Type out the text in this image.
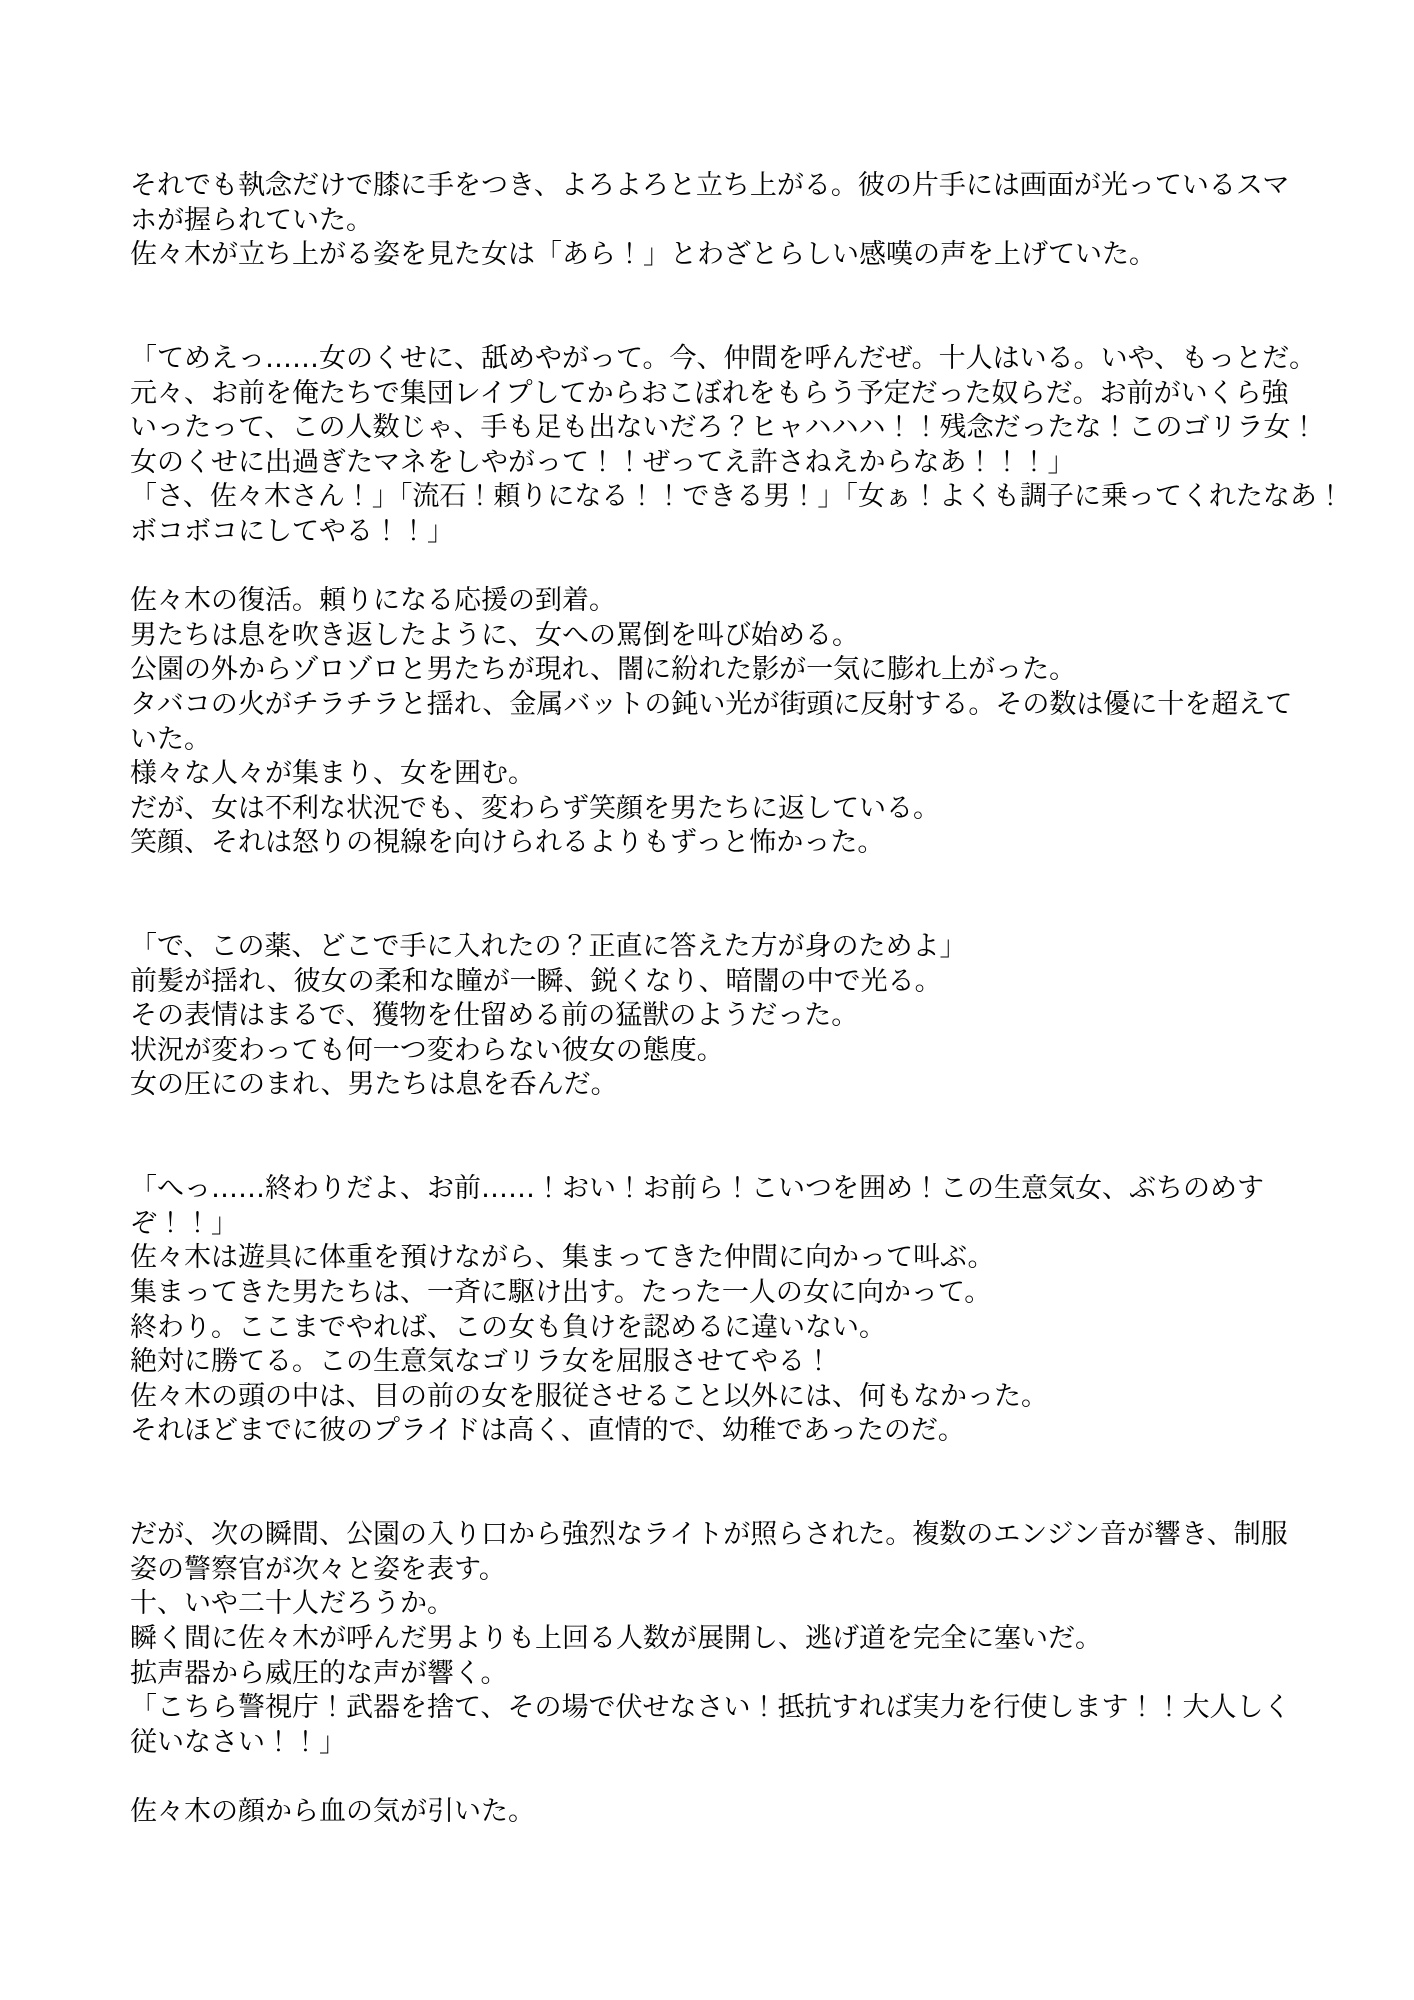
それでも執念だけで膝に手をつき、よろよろと立ち上がる。彼の片手には画面が光っているスマ
ホが握られていた。
佐々木が立ち上がる姿を見た女は「あら！」とわざとらしい感嘆の声を上げていた。

「てめえっ……女のくせに、舐めやがって。今、仲間を呼んだぜ。十人はいる。いや、もっとだ。
元々、お前を俺たちで集団レイプしてからおこぼれをもらう予定だった奴らだ。お前がいくら強
いったって、この人数じゃ、手も足も出ないだろ？ヒャハハハ！！残念だったな！このゴリラ女！
女のくせに出過ぎたマネをしやがって！！ぜってえ許さねえからなあ！！！」
「さ、佐々木さん！」「流石！頼りになる！！できる男！」「女ぁ！よくも調子に乗ってくれたなあ！
ボコボコにしてやる！！」

佐々木の復活。頼りになる応援の到着。
男たちは息を吹き返したように、女への罵倒を叫び始める。
公園の外からゾロゾロと男たちが現れ、闇に紛れた影が一気に膨れ上がった。
タバコの火がチラチラと揺れ、金属バットの鈍い光が街頭に反射する。その数は優に十を超えて
いた。
様々な人々が集まり、女を囲む。
だが、女は不利な状況でも、変わらず笑顔を男たちに返している。
笑顔、それは怒りの視線を向けられるよりもずっと怖かった。

「で、この薬、どこで手に入れたの？正直に答えた方が身のためよ」
前髪が揺れ、彼女の柔和な瞳が一瞬、鋭くなり、暗闇の中で光る。
その表情はまるで、獲物を仕留める前の猛獣のようだった。
状況が変わっても何一つ変わらない彼女の態度。
女の圧にのまれ、男たちは息を呑んだ。

「へっ……終わりだよ、お前……！おい！お前ら！こいつを囲め！この生意気女、ぶちのめす
ぞ！！」
佐々木は遊具に体重を預けながら、集まってきた仲間に向かって叫ぶ。
集まってきた男たちは、一斉に駆け出す。たった一人の女に向かって。
終わり。ここまでやれば、この女も負けを認めるに違いない。
絶対に勝てる。この生意気なゴリラ女を屈服させてやる！
佐々木の頭の中は、目の前の女を服従させること以外には、何もなかった。
それほどまでに彼のプライドは高く、直情的で、幼稚であったのだ。

だが、次の瞬間、公園の入り口から強烈なライトが照らされた。複数のエンジン音が響き、制服
姿の警察官が次々と姿を表す。
十、いや二十人だろうか。
瞬く間に佐々木が呼んだ男よりも上回る人数が展開し、逃げ道を完全に塞いだ。
拡声器から威圧的な声が響く。
「こちら警視庁！武器を捨て、その場で伏せなさい！抵抗すれば実力を行使します！！大人しく
従いなさい！！」

佐々木の顔から血の気が引いた。
